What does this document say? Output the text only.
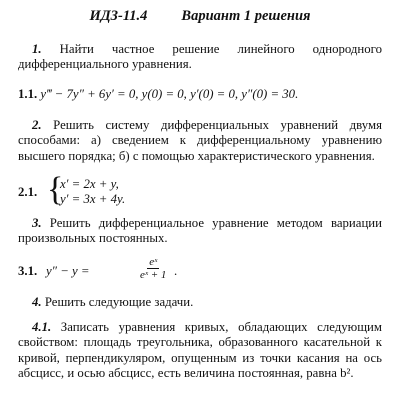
ИДЗ-11.4 Вариант 1 решения
1. Найти частное решение линейного однородного дифференциального уравнения.
1.1. y‴ − 7y″ + 6y′ = 0, y(0) = 0, y′(0) = 0, y″(0) = 30.
2. Решить систему дифференциальных уравнений двумя способами: а) сведением к дифференциальному уравнению высшего порядка; б) с помощью характеристического уравнения.
2.1. {
x′ = 2x + y,
y′ = 3x + 4y.
3. Решить дифференциальное уравнение методом вариации произвольных постоянных.
3.1. y″ − y =	$\frac{\text{eˣ}}{\text{eˣ + 1}}$ .
4. Решить следующие задачи.
4.1. Записать уравнения кривых, обладающих следующим свойством: площадь треугольника, образованного касательной к кривой, перпендикуляром, опущенным из точки касания на ось абсцисс, и осью абсцисс, есть величина постоянная, равна b².
